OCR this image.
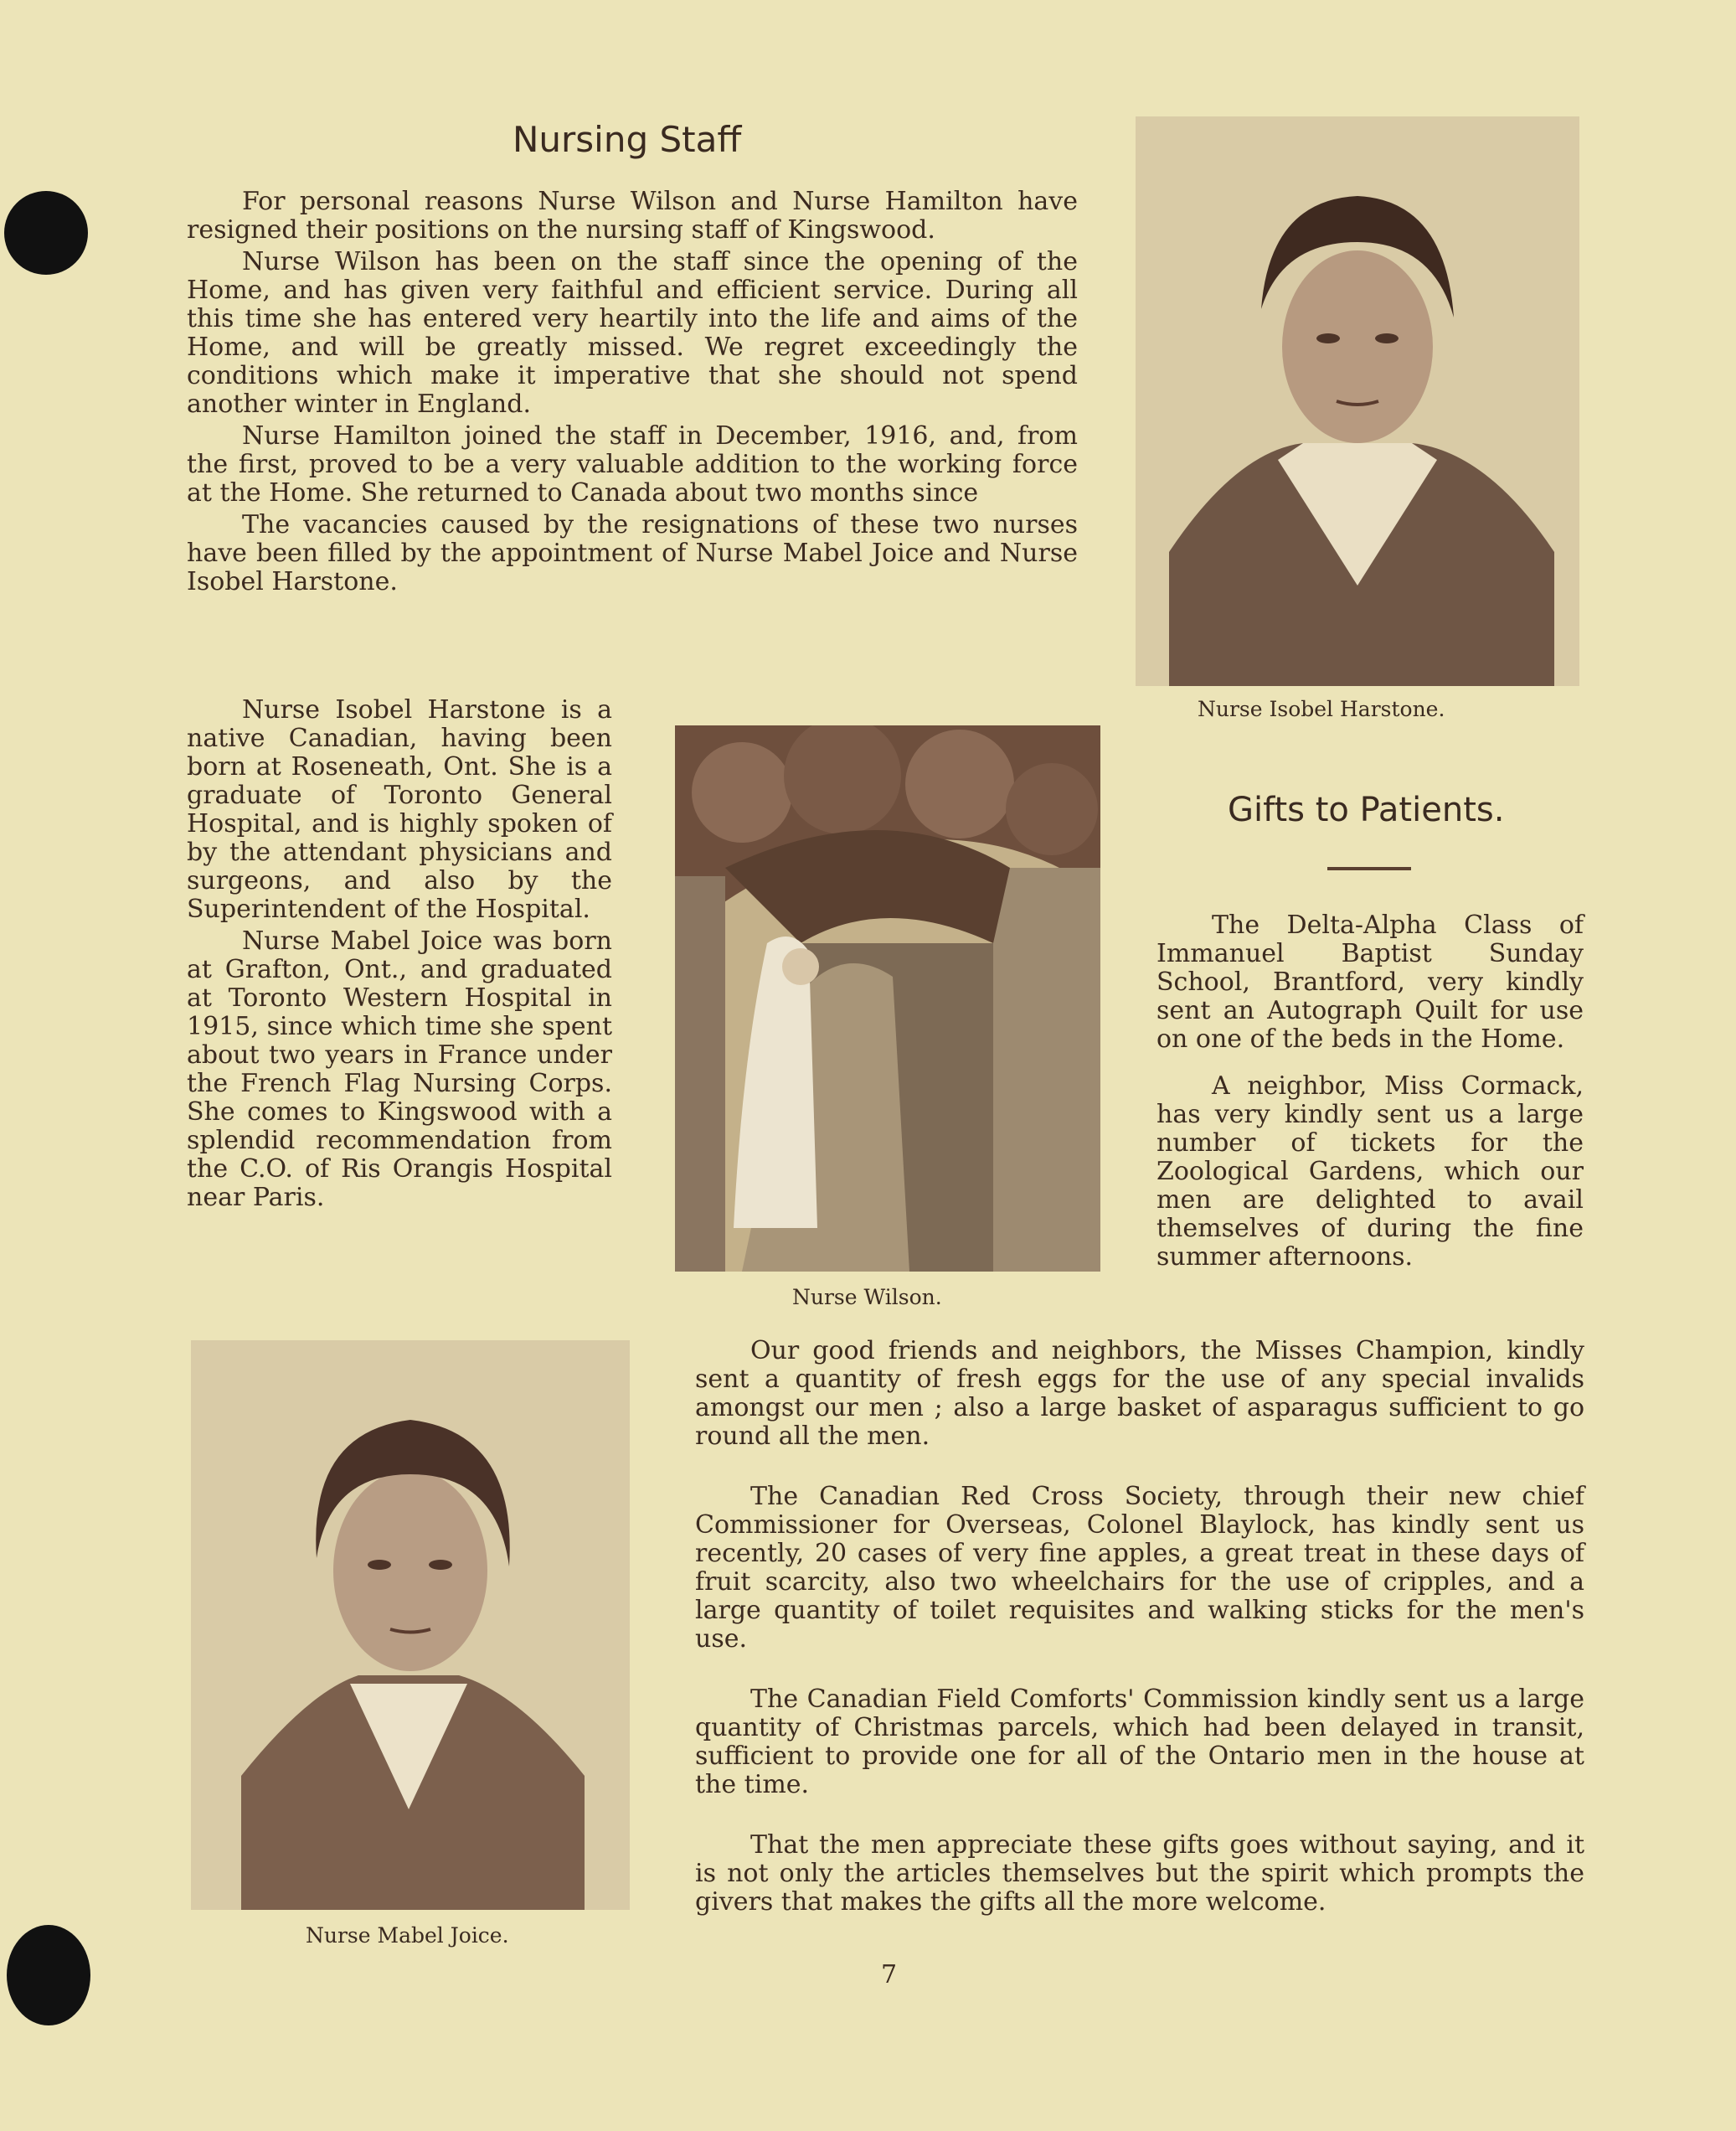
Nursing Staff

For personal reasons Nurse Wilson and Nurse Hamilton have resigned their positions on the nursing staff of Kingswood.

Nurse Wilson has been on the staff since the opening of the Home, and has given very faithful and efficient service. During all this time she has entered very heartily into the life and aims of the Home, and will be greatly missed. We regret exceedingly the conditions which make it imperative that she should not spend another winter in England.

Nurse Hamilton joined the staff in December, 1916, and, from the first, proved to be a very valuable addition to the working force at the Home. She returned to Canada about two months since

The vacancies caused by the resignations of these two nurses have been filled by the appointment of Nurse Mabel Joice and Nurse Isobel Harstone.

Nurse Isobel Harstone is a native Canadian, having been born at Roseneath, Ont. She is a graduate of Toronto General Hospital, and is highly spoken of by the attendant physicians and surgeons, and also by the Superintendent of the Hospital.

Nurse Mabel Joice was born at Grafton, Ont., and graduated at Toronto Western Hospital in 1915, since which time she spent about two years in France under the French Flag Nursing Corps. She comes to Kingswood with a splendid recommendation from the C.O. of Ris Orangis Hospital near Paris.

Nurse Isobel Harstone.

Nurse Wilson.

Gifts to Patients.

The Delta-Alpha Class of Immanuel Baptist Sunday School, Brantford, very kindly sent an Autograph Quilt for use on one of the beds in the Home.

A neighbor, Miss Cormack, has very kindly sent us a large number of tickets for the Zoological Gardens, which our men are delighted to avail themselves of during the fine summer afternoons.

Nurse Mabel Joice.

Our good friends and neighbors, the Misses Champion, kindly sent a quantity of fresh eggs for the use of any special invalids amongst our men ; also a large basket of asparagus sufficient to go round all the men.

The Canadian Red Cross Society, through their new chief Commissioner for Overseas, Colonel Blaylock, has kindly sent us recently, 20 cases of very fine apples, a great treat in these days of fruit scarcity, also two wheelchairs for the use of cripples, and a large quantity of toilet requisites and walking sticks for the men's use.

The Canadian Field Comforts' Commission kindly sent us a large quantity of Christmas parcels, which had been delayed in transit, sufficient to provide one for all of the Ontario men in the house at the time.

That the men appreciate these gifts goes without saying, and it is not only the articles themselves but the spirit which prompts the givers that makes the gifts all the more welcome.

7
